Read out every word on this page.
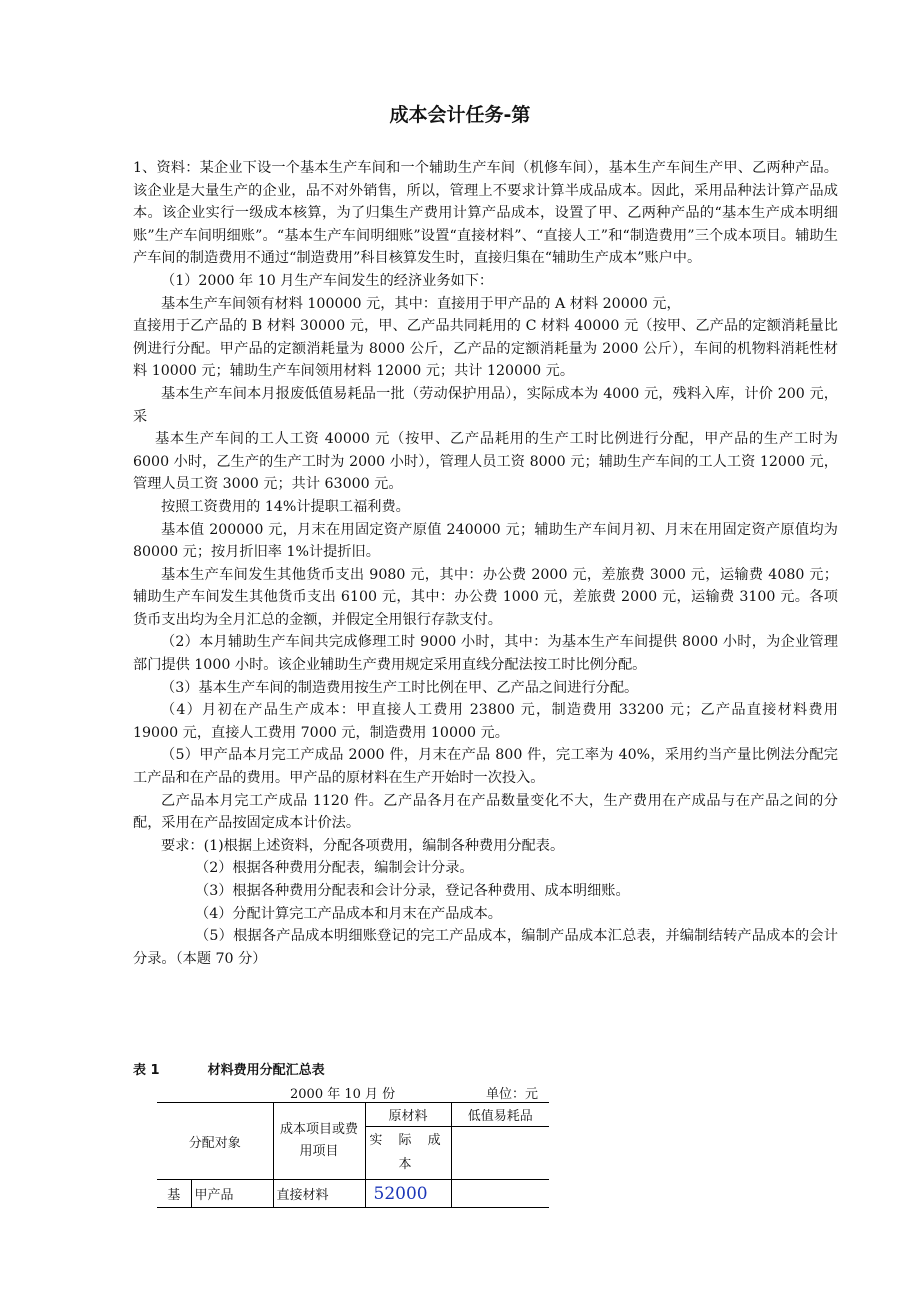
成本会计任务-第

1、资料：某企业下设一个基本生产车间和一个辅助生产车间（机修车间），基本生产车间生产甲、乙两种产品。该企业是大量生产的企业，品不对外销售，所以，管理上不要求计算半成品成本。因此，采用品种法计算产品成本。该企业实行一级成本核算，为了归集生产费用计算产品成本，设置了甲、乙两种产品的“基本生产成本明细账”生产车间明细账”。“基本生产车间明细账”设置“直接材料”、“直接人工”和“制造费用”三个成本项目。辅助生产车间的制造费用不通过“制造费用”科目核算发生时，直接归集在“辅助生产成本”账户中。

（1）2000 年 10 月生产车间发生的经济业务如下：

基本生产车间领有材料 100000 元，其中：直接用于甲产品的 A 材料 20000 元，

直接用于乙产品的 B 材料 30000 元，甲、乙产品共同耗用的 C 材料 40000 元（按甲、乙产品的定额消耗量比例进行分配。甲产品的定额消耗量为 8000 公斤，乙产品的定额消耗量为 2000 公斤），车间的机物料消耗性材料 10000 元；辅助生产车间领用材料 12000 元；共计 120000 元。

基本生产车间本月报废低值易耗品一批（劳动保护用品），实际成本为 4000 元，残料入库，计价 200 元，采

基本生产车间的工人工资 40000 元（按甲、乙产品耗用的生产工时比例进行分配，甲产品的生产工时为 6000 小时，乙生产的生产工时为 2000 小时），管理人员工资 8000 元；辅助生产车间的工人工资 12000 元，管理人员工资 3000 元；共计 63000 元。

按照工资费用的 14%计提职工福利费。

基本值 200000 元，月末在用固定资产原值 240000 元；辅助生产车间月初、月末在用固定资产原值均为 80000 元；按月折旧率 1%计提折旧。

基本生产车间发生其他货币支出 9080 元，其中：办公费 2000 元，差旅费 3000 元，运输费 4080 元；辅助生产车间发生其他货币支出 6100 元，其中：办公费 1000 元，差旅费 2000 元，运输费 3100 元。各项货币支出均为全月汇总的金额，并假定全用银行存款支付。

（2）本月辅助生产车间共完成修理工时 9000 小时，其中：为基本生产车间提供 8000 小时，为企业管理部门提供 1000 小时。该企业辅助生产费用规定采用直线分配法按工时比例分配。

（3）基本生产车间的制造费用按生产工时比例在甲、乙产品之间进行分配。

（4）月初在产品生产成本：甲直接人工费用 23800 元，制造费用 33200 元；乙产品直接材料费用 19000 元，直接人工费用 7000 元，制造费用 10000 元。

（5）甲产品本月完工产成品 2000 件，月末在产品 800 件，完工率为 40%，采用约当产量比例法分配完工产品和在产品的费用。甲产品的原材料在生产开始时一次投入。

乙产品本月完工产成品 1120 件。乙产品各月在产品数量变化不大，生产费用在产成品与在产品之间的分配，采用在产品按固定成本计价法。

要求：(1)根据上述资料，分配各项费用，编制各种费用分配表。

（2）根据各种费用分配表，编制会计分录。

（3）根据各种费用分配表和会计分录，登记各种费用、成本明细账。

（4）分配计算完工产品成本和月末在产品成本。

（5）根据各产品成本明细账登记的完工产品成本，编制产品成本汇总表，并编制结转产品成本的会计分录。（本题 70 分）

表 1	材料费用分配汇总表
2000 年 10 月 份	单位：元
分配对象		成本项目或费用项目	原材料	低值易耗品
			实 际 成 本	
基	甲产品	直接材料	52000	
